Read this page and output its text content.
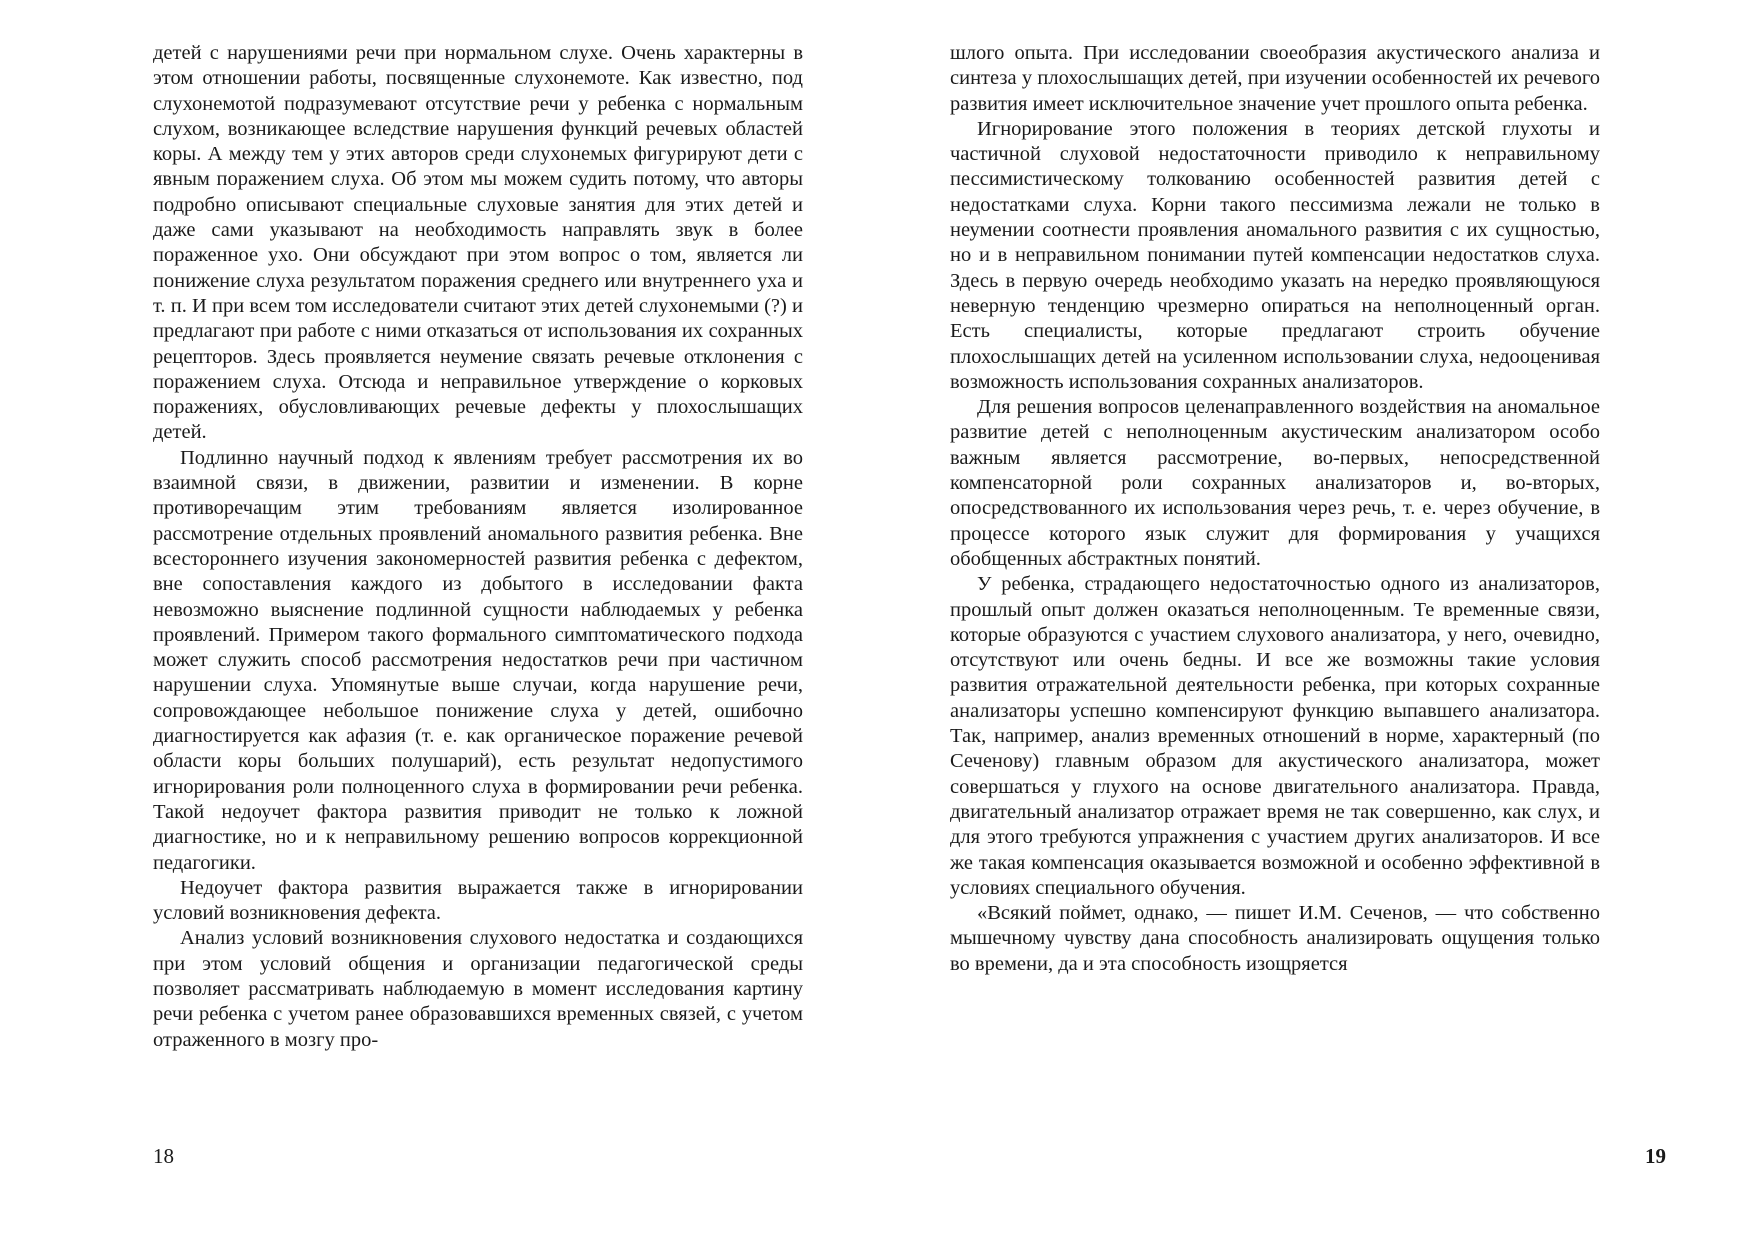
детей с нарушениями речи при нормальном слухе. Очень характерны в этом отношении работы, посвященные слухонемоте. Как известно, под слухонемотой подразумевают отсутствие речи у ребенка с нормальным слухом, возникающее вследствие нарушения функций речевых областей коры. А между тем у этих авторов среди слухонемых фигурируют дети с явным поражением слуха. Об этом мы можем судить потому, что авторы подробно описывают специальные слуховые занятия для этих детей и даже сами указывают на необходимость направлять звук в более пораженное ухо. Они обсуждают при этом вопрос о том, является ли понижение слуха результатом поражения среднего или внутреннего уха и т. п. И при всем том исследователи считают этих детей слухонемыми (?) и предлагают при работе с ними отказаться от использования их сохранных рецепторов. Здесь проявляется неумение связать речевые отклонения с поражением слуха. Отсюда и неправильное утверждение о корковых поражениях, обусловливающих речевые дефекты у плохослышащих детей.

Подлинно научный подход к явлениям требует рассмотрения их во взаимной связи, в движении, развитии и изменении. В корне противоречащим этим требованиям является изолированное рассмотрение отдельных проявлений аномального развития ребенка. Вне всестороннего изучения закономерностей развития ребенка с дефектом, вне сопоставления каждого из добытого в исследовании факта невозможно выяснение подлинной сущности наблюдаемых у ребенка проявлений. Примером такого формального симптоматического подхода может служить способ рассмотрения недостатков речи при частичном нарушении слуха. Упомянутые выше случаи, когда нарушение речи, сопровождающее небольшое понижение слуха у детей, ошибочно диагностируется как афазия (т. е. как органическое поражение речевой области коры больших полушарий), есть результат недопустимого игнорирования роли полноценного слуха в формировании речи ребенка. Такой недоучет фактора развития приводит не только к ложной диагностике, но и к неправильному решению вопросов коррекционной педагогики.

Недоучет фактора развития выражается также в игнорировании условий возникновения дефекта.

Анализ условий возникновения слухового недостатка и создающихся при этом условий общения и организации педагогической среды позволяет рассматривать наблюдаемую в момент исследования картину речи ребенка с учетом ранее образовавшихся временных связей, с учетом отраженного в мозгу про-

18

шлого опыта. При исследовании своеобразия акустического анализа и синтеза у плохослышащих детей, при изучении особенностей их речевого развития имеет исключительное значение учет прошлого опыта ребенка.

Игнорирование этого положения в теориях детской глухоты и частичной слуховой недостаточности приводило к неправильному пессимистическому толкованию особенностей развития детей с недостатками слуха. Корни такого пессимизма лежали не только в неумении соотнести проявления аномального развития с их сущностью, но и в неправильном понимании путей компенсации недостатков слуха. Здесь в первую очередь необходимо указать на нередко проявляющуюся неверную тенденцию чрезмерно опираться на неполноценный орган. Есть специалисты, которые предлагают строить обучение плохослышащих детей на усиленном использовании слуха, недооценивая возможность использования сохранных анализаторов.

Для решения вопросов целенаправленного воздействия на аномальное развитие детей с неполноценным акустическим анализатором особо важным является рассмотрение, во-первых, непосредственной компенсаторной роли сохранных анализаторов и, во-вторых, опосредствованного их использования через речь, т. е. через обучение, в процессе которого язык служит для формирования у учащихся обобщенных абстрактных понятий.

У ребенка, страдающего недостаточностью одного из анализаторов, прошлый опыт должен оказаться неполноценным. Те временные связи, которые образуются с участием слухового анализатора, у него, очевидно, отсутствуют или очень бедны. И все же возможны такие условия развития отражательной деятельности ребенка, при которых сохранные анализаторы успешно компенсируют функцию выпавшего анализатора. Так, например, анализ временных отношений в норме, характерный (по Сеченову) главным образом для акустического анализатора, может совершаться у глухого на основе двигательного анализатора. Правда, двигательный анализатор отражает время не так совершенно, как слух, и для этого требуются упражнения с участием других анализаторов. И все же такая компенсация оказывается возможной и особенно эффективной в условиях специального обучения.

«Всякий поймет, однако, — пишет И.М. Сеченов, — что собственно мышечному чувству дана способность анализировать ощущения только во времени, да и эта способность изощряется

19
